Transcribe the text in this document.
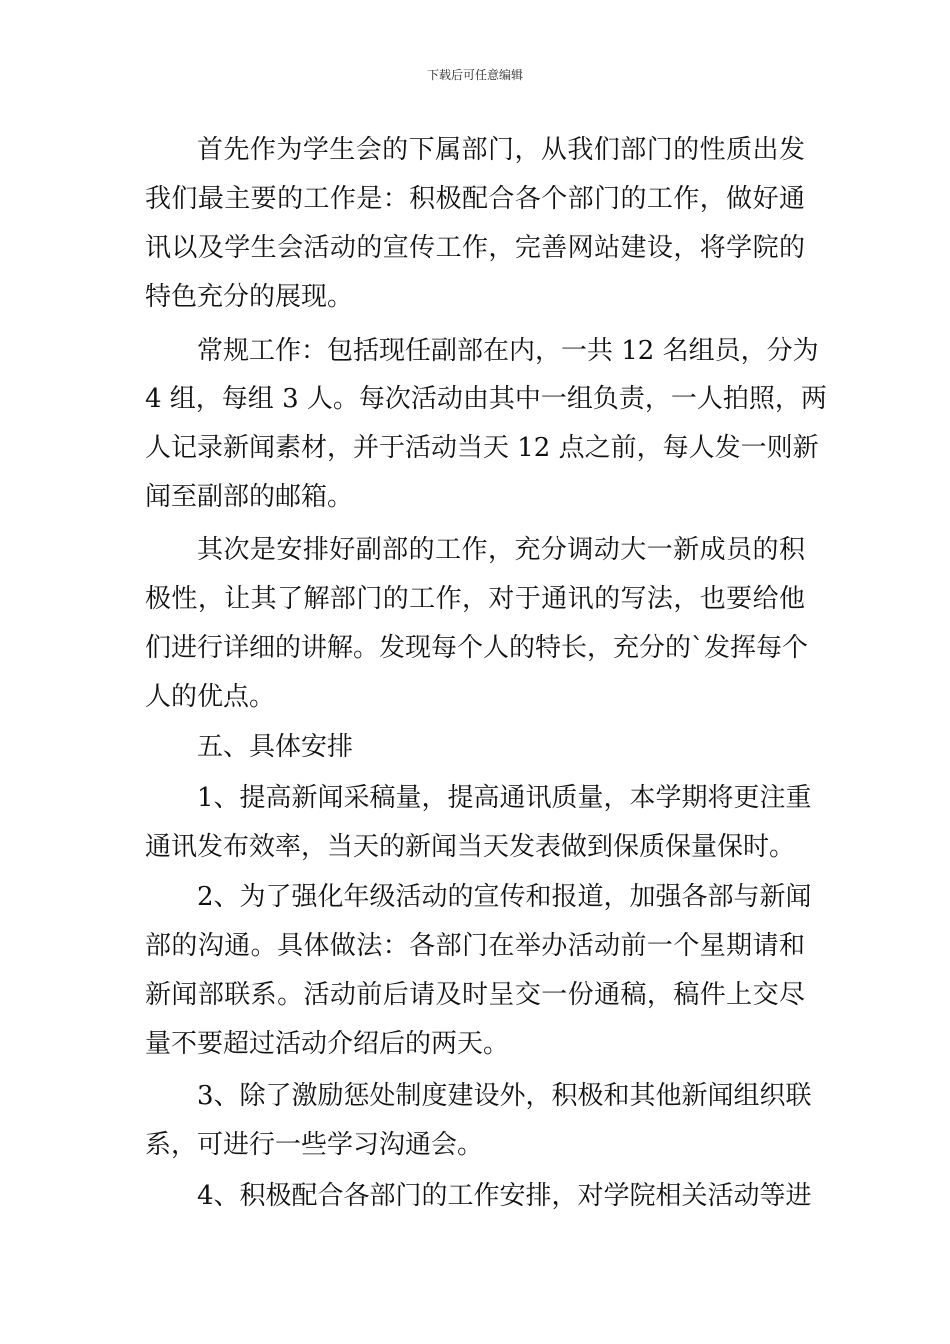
下载后可任意编辑
首先作为学生会的下属部门，从我们部门的性质出发
我们最主要的工作是：积极配合各个部门的工作，做好通
讯以及学生会活动的宣传工作，完善网站建设，将学院的
特色充分的展现。
常规工作：包括现任副部在内，一共 12 名组员，分为
4 组，每组 3 人。每次活动由其中一组负责，一人拍照，两
人记录新闻素材，并于活动当天 12 点之前，每人发一则新
闻至副部的邮箱。
其次是安排好副部的工作，充分调动大一新成员的积
极性，让其了解部门的工作，对于通讯的写法，也要给他
们进行详细的讲解。发现每个人的特长，充分的`发挥每个
人的优点。
五、具体安排
1、提高新闻采稿量，提高通讯质量，本学期将更注重
通讯发布效率，当天的新闻当天发表做到保质保量保时。
2、为了强化年级活动的宣传和报道，加强各部与新闻
部的沟通。具体做法：各部门在举办活动前一个星期请和
新闻部联系。活动前后请及时呈交一份通稿，稿件上交尽
量不要超过活动介绍后的两天。
3、除了激励惩处制度建设外，积极和其他新闻组织联
系，可进行一些学习沟通会。
4、积极配合各部门的工作安排，对学院相关活动等进
